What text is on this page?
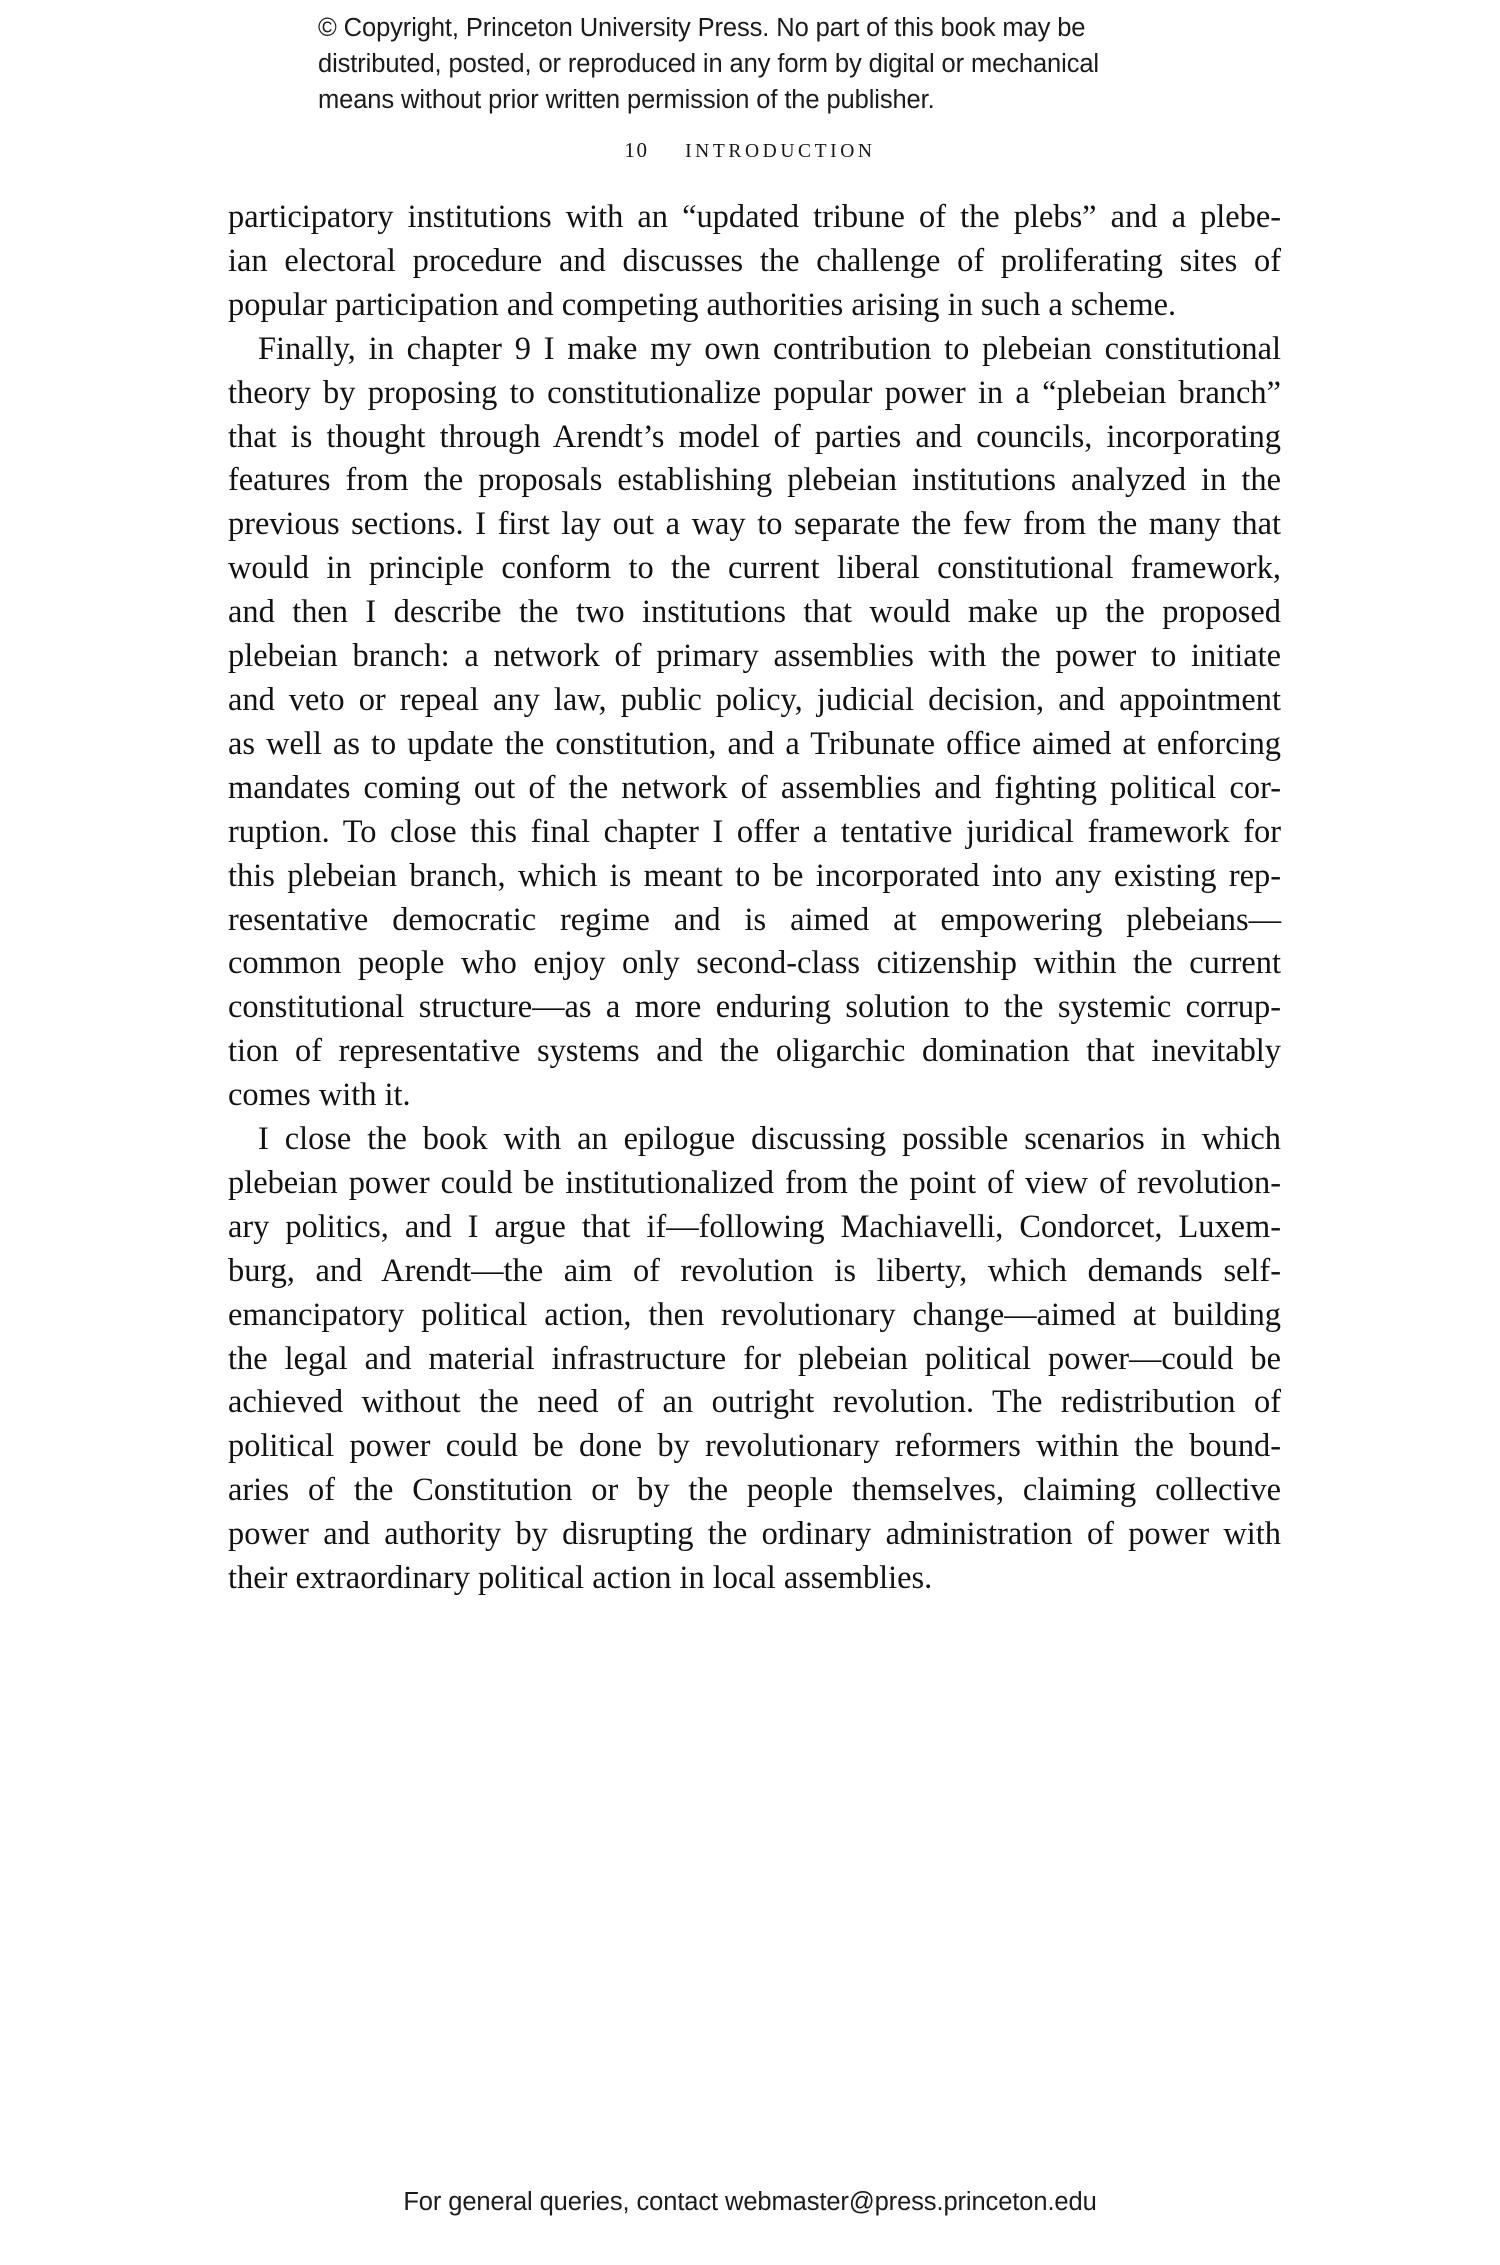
© Copyright, Princeton University Press. No part of this book may be
distributed, posted, or reproduced in any form by digital or mechanical
means without prior written permission of the publisher.
10 INTRODUCTION

participatory institutions with an “updated tribune of the plebs” and a plebe-
ian electoral procedure and discusses the challenge of proliferating sites of
popular participation and competing authorities arising in such a scheme.

Finally, in chapter 9 I make my own contribution to plebeian constitutional
theory by proposing to constitutionalize popular power in a “plebeian branch”
that is thought through Arendt’s model of parties and councils, incorporating
features from the proposals establishing plebeian institutions analyzed in the
previous sections. I first lay out a way to separate the few from the many that
would in principle conform to the current liberal constitutional framework,
and then I describe the two institutions that would make up the proposed
plebeian branch: a network of primary assemblies with the power to initiate
and veto or repeal any law, public policy, judicial decision, and appointment
as well as to update the constitution, and a Tribunate office aimed at enforcing
mandates coming out of the network of assemblies and fighting political cor-
ruption. To close this final chapter I offer a tentative juridical framework for
this plebeian branch, which is meant to be incorporated into any existing rep-
resentative democratic regime and is aimed at empowering plebeians—
common people who enjoy only second-class citizenship within the current
constitutional structure—as a more enduring solution to the systemic corrup-
tion of representative systems and the oligarchic domination that inevitably
comes with it.

I close the book with an epilogue discussing possible scenarios in which
plebeian power could be institutionalized from the point of view of revolution-
ary politics, and I argue that if—following Machiavelli, Condorcet, Luxem-
burg, and Arendt—the aim of revolution is liberty, which demands self-
emancipatory political action, then revolutionary change—aimed at building
the legal and material infrastructure for plebeian political power—could be
achieved without the need of an outright revolution. The redistribution of
political power could be done by revolutionary reformers within the bound-
aries of the Constitution or by the people themselves, claiming collective
power and authority by disrupting the ordinary administration of power with
their extraordinary political action in local assemblies.

For general queries, contact webmaster@press.princeton.edu
